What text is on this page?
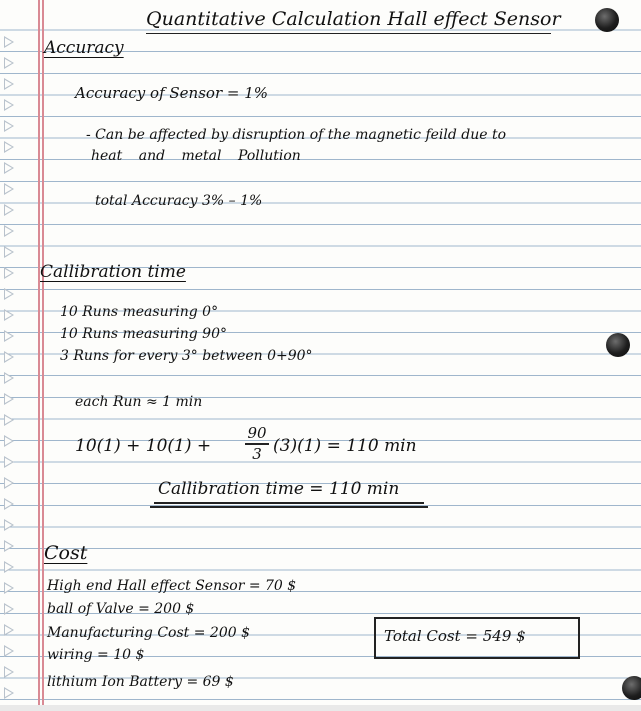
Quantitative Calculation Hall effect Sensor
Accuracy
Accuracy of Sensor = 1%
- Can be affected by disruption of the magnetic feild due to
heat and metal Pollution
total Accuracy 3% – 1%
Callibration time
10 Runs measuring 0°
10 Runs measuring 90°
3 Runs for every 3° between 0+90°
each Run ≈ 1 min
10(1) + 10(1) +
90
3 (3)(1) = 110 min
Callibration time = 110 min
Cost
High end Hall effect Sensor = 70 $
ball of Valve = 200 $
Manufacturing Cost = 200 $
wiring = 10 $
lithium Ion Battery = 69 $
Total Cost = 549 $
